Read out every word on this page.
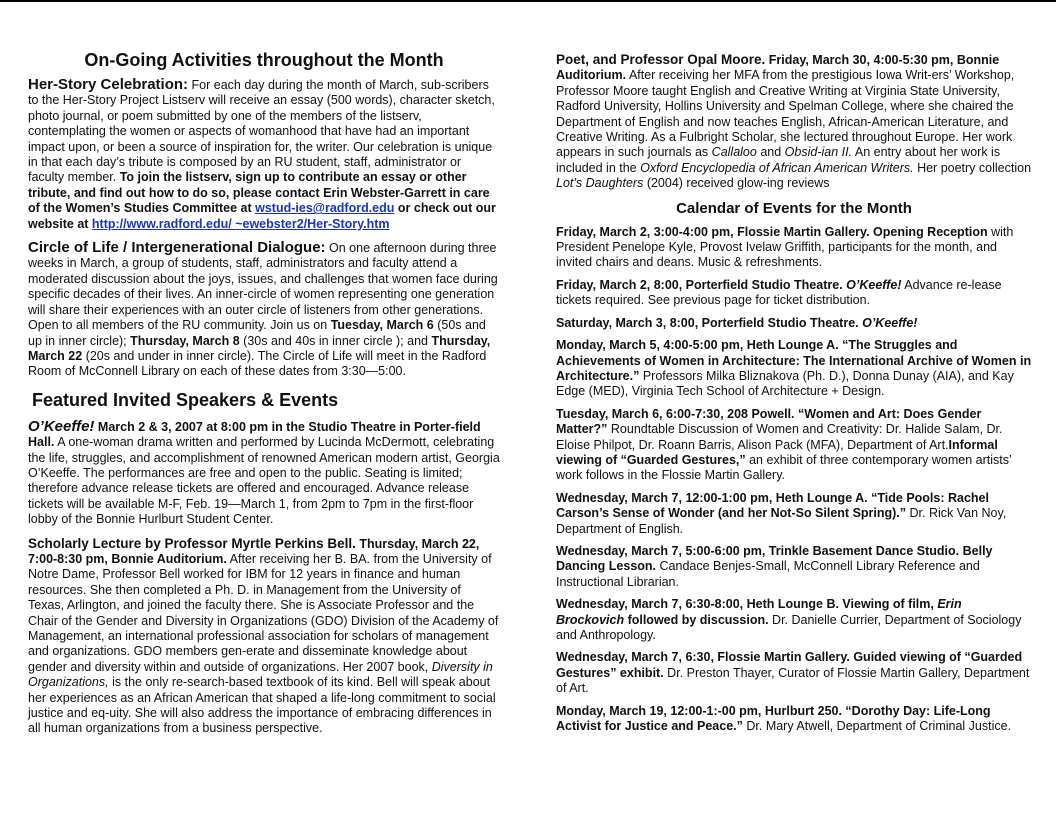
On-Going Activities throughout the Month

Her-Story Celebration: For each day during the month of March, sub-scribers to the Her-Story Project Listserv will receive an essay (500 words), character sketch, photo journal, or poem submitted by one of the members of the listserv, contemplating the women or aspects of womanhood that have had an important impact upon, or been a source of inspiration for, the writer. Our celebration is unique in that each day’s tribute is composed by an RU student, staff, administrator or faculty member. To join the listserv, sign up to contribute an essay or other tribute, and find out how to do so, please contact Erin Webster-Garrett in care of the Women’s Studies Committee at wstud-ies@radford.edu or check out our website at http://www.radford.edu/ ~ewebster2/Her-Story.htm

Circle of Life / Intergenerational Dialogue: On one afternoon during three weeks in March, a group of students, staff, administrators and faculty attend a moderated discussion about the joys, issues, and challenges that women face during specific decades of their lives. An inner-circle of women representing one generation will share their experiences with an outer circle of listeners from other generations. Open to all members of the RU community. Join us on Tuesday, March 6 (50s and up in inner circle); Thursday, March 8 (30s and 40s in inner circle ); and Thursday, March 22 (20s and under in inner circle). The Circle of Life will meet in the Radford Room of McConnell Library on each of these dates from 3:30—5:00.

Featured Invited Speakers & Events

O’Keeffe! March 2 & 3, 2007 at 8:00 pm in the Studio Theatre in Porter-field Hall. A one-woman drama written and performed by Lucinda McDermott, celebrating the life, struggles, and accomplishment of renowned American modern artist, Georgia O’Keeffe. The performances are free and open to the public. Seating is limited; therefore advance release tickets are offered and encouraged. Advance release tickets will be available M-F, Feb. 19—March 1, from 2pm to 7pm in the first-floor lobby of the Bonnie Hurlburt Student Center.

Scholarly Lecture by Professor Myrtle Perkins Bell. Thursday, March 22, 7:00-8:30 pm, Bonnie Auditorium. After receiving her B. BA. from the University of Notre Dame, Professor Bell worked for IBM for 12 years in finance and human resources. She then completed a Ph. D. in Management from the University of Texas, Arlington, and joined the faculty there. She is Associate Professor and the Chair of the Gender and Diversity in Organizations (GDO) Division of the Academy of Management, an international professional association for scholars of management and organizations. GDO members gen-erate and disseminate knowledge about gender and diversity within and outside of organizations. Her 2007 book, Diversity in Organizations, is the only re-search-based textbook of its kind. Bell will speak about her experiences as an African American that shaped a life-long commitment to social justice and eq-uity. She will also address the importance of embracing differences in all human organizations from a business perspective.

Poet, and Professor Opal Moore. Friday, March 30, 4:00-5:30 pm, Bonnie Auditorium. After receiving her MFA from the prestigious Iowa Writ-ers’ Workshop, Professor Moore taught English and Creative Writing at Virginia State University, Radford University, Hollins University and Spelman College, where she chaired the Department of English and now teaches English, African-American Literature, and Creative Writing. As a Fulbright Scholar, she lectured throughout Europe. Her work appears in such journals as Callaloo and Obsid-ian II. An entry about her work is included in the Oxford Encyclopedia of African American Writers. Her poetry collection Lot’s Daughters (2004) received glow-ing reviews

Calendar of Events for the Month

Friday, March 2, 3:00-4:00 pm, Flossie Martin Gallery. Opening Reception with President Penelope Kyle, Provost Ivelaw Griffith, participants for the month, and invited chairs and deans. Music & refreshments.

Friday, March 2, 8:00, Porterfield Studio Theatre. O’Keeffe! Advance re-lease tickets required. See previous page for ticket distribution.

Saturday, March 3, 8:00, Porterfield Studio Theatre. O’Keeffe!

Monday, March 5, 4:00-5:00 pm, Heth Lounge A. “The Struggles and Achievements of Women in Architecture: The International Archive of Women in Architecture.” Professors Milka Bliznakova (Ph. D.), Donna Dunay (AIA), and Kay Edge (MED), Virginia Tech School of Architecture + Design.

Tuesday, March 6, 6:00-7:30, 208 Powell. “Women and Art: Does Gender Matter?” Roundtable Discussion of Women and Creativity: Dr. Halide Salam, Dr. Eloise Philpot, Dr. Roann Barris, Alison Pack (MFA), Department of Art.Informal viewing of “Guarded Gestures,” an exhibit of three contemporary women artists’ work follows in the Flossie Martin Gallery.

Wednesday, March 7, 12:00-1:00 pm, Heth Lounge A. “Tide Pools: Rachel Carson’s Sense of Wonder (and her Not-So Silent Spring).” Dr. Rick Van Noy, Department of English.

Wednesday, March 7, 5:00-6:00 pm, Trinkle Basement Dance Studio. Belly Dancing Lesson. Candace Benjes-Small, McConnell Library Reference and Instructional Librarian.

Wednesday, March 7, 6:30-8:00, Heth Lounge B. Viewing of film, Erin Brockovich followed by discussion. Dr. Danielle Currier, Department of Sociology and Anthropology.

Wednesday, March 7, 6:30, Flossie Martin Gallery. Guided viewing of “Guarded Gestures” exhibit. Dr. Preston Thayer, Curator of Flossie Martin Gallery, Department of Art.

Monday, March 19, 12:00-1:-00 pm, Hurlburt 250. “Dorothy Day: Life-Long Activist for Justice and Peace.” Dr. Mary Atwell, Department of Criminal Justice.
